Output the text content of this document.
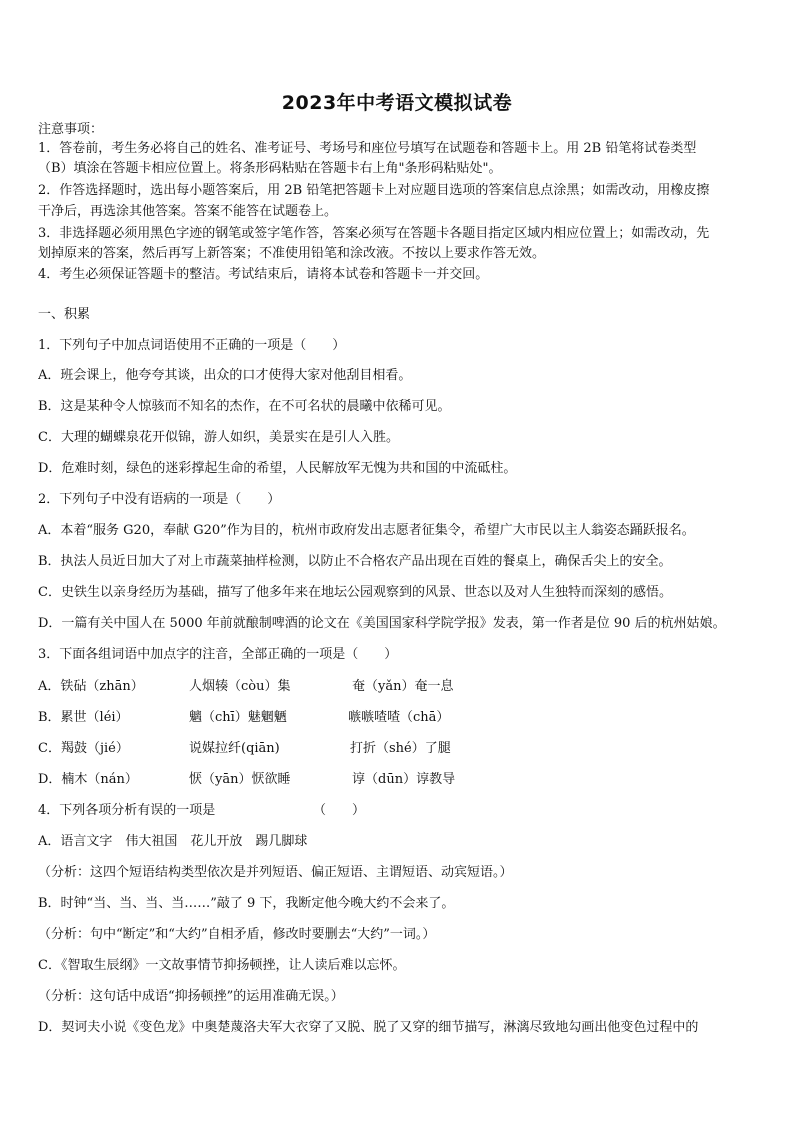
2023年中考语文模拟试卷
注意事项：
1．答卷前，考生务必将自己的姓名、准考证号、考场号和座位号填写在试题卷和答题卡上。用 2B 铅笔将试卷类型
（B）填涂在答题卡相应位置上。将条形码粘贴在答题卡右上角"条形码粘贴处"。
2．作答选择题时，选出每小题答案后，用 2B 铅笔把答题卡上对应题目选项的答案信息点涂黑；如需改动，用橡皮擦
干净后，再选涂其他答案。答案不能答在试题卷上。
3．非选择题必须用黑色字迹的钢笔或签字笔作答，答案必须写在答题卡各题目指定区域内相应位置上；如需改动，先
划掉原来的答案，然后再写上新答案；不准使用铅笔和涂改液。不按以上要求作答无效。
4．考生必须保证答题卡的整洁。考试结束后，请将本试卷和答题卡一并交回。
一、积累
1．下列句子中加点词语使用不正确的一项是（　　）
A．班会课上，他夸夸其谈，出众的口才使得大家对他刮目相看。
B．这是某种令人惊骇而不知名的杰作，在不可名状的晨曦中依稀可见。
C．大理的蝴蝶泉花开似锦，游人如织，美景实在是引人入胜。
D．危难时刻，绿色的迷彩撑起生命的希望，人民解放军无愧为共和国的中流砥柱。
2．下列句子中没有语病的一项是（　　）
A．本着“服务 G20，奉献 G20”作为目的，杭州市政府发出志愿者征集令，希望广大市民以主人翁姿态踊跃报名。
B．执法人员近日加大了对上市蔬菜抽样检测，以防止不合格农产品出现在百姓的餐桌上，确保舌尖上的安全。
C．史铁生以亲身经历为基础，描写了他多年来在地坛公园观察到的风景、世态以及对人生独特而深刻的感悟。
D．一篇有关中国人在 5000 年前就酿制啤酒的论文在《美国国家科学院学报》发表，第一作者是位 90 后的杭州姑娘。
3．下面各组词语中加点字的注音，全部正确的一项是（　　）
A．铁砧（zhān）	人烟辏（còu）集	奄（yǎn）奄一息
B．累世（léi）	魑（chī）魅魍魉	嗾嗾喳喳（chā）
C．羯鼓（jié）	说媒拉纤(qiān)	打折（shé）了腿
D．楠木（nán）	恹（yān）恹欲睡	谆（dūn）谆教导
4．下列各项分析有误的一项是	（　　）
A．语言文字　伟大祖国　花儿开放　踢几脚球
（分析：这四个短语结构类型依次是并列短语、偏正短语、主谓短语、动宾短语。）
B．时钟“当、当、当、当……”敲了 9 下，我断定他今晚大约不会来了。
（分析：句中“断定”和“大约”自相矛盾，修改时要删去“大约”一词。）
C．《智取生辰纲》一文故事情节抑扬顿挫，让人读后难以忘怀。
（分析：这句话中成语“抑扬顿挫”的运用准确无误。）
D．契诃夫小说《变色龙》中奥楚蔑洛夫军大衣穿了又脱、脱了又穿的细节描写，淋漓尽致地勾画出他变色过程中的
